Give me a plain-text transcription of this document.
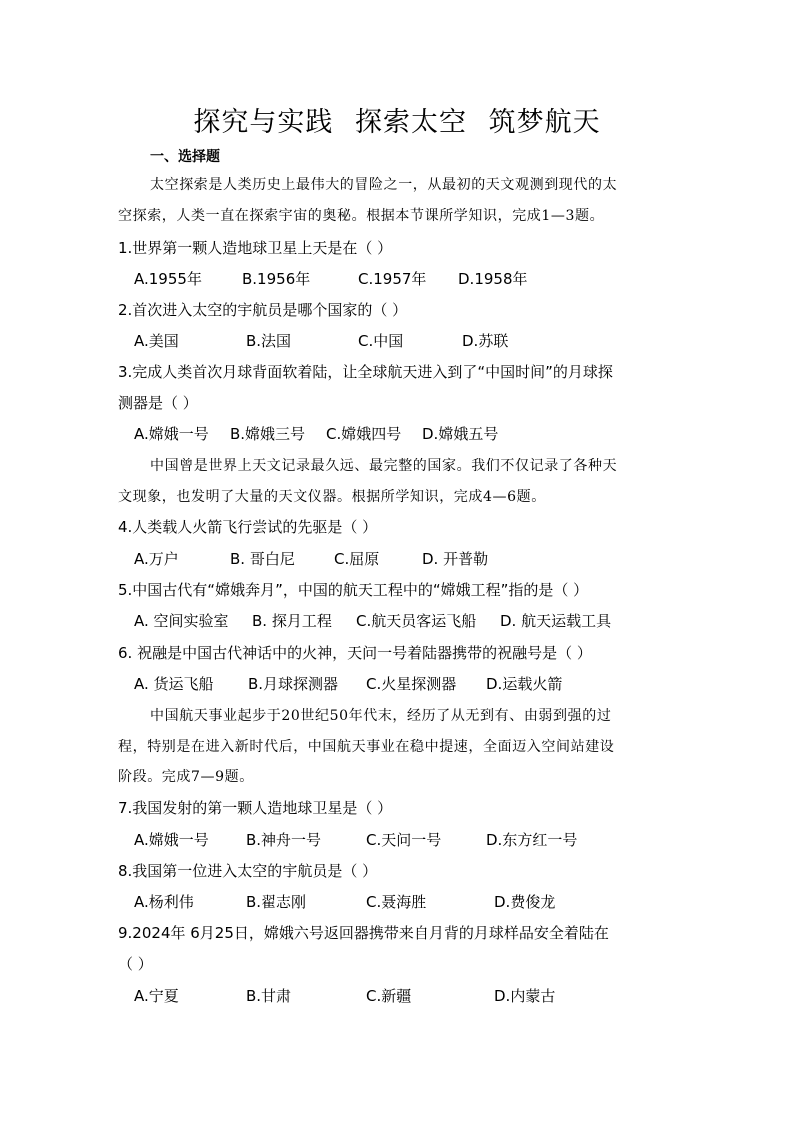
探究与实践 探索太空 筑梦航天
一、选择题
太空探索是人类历史上最伟大的冒险之一，从最初的天文观测到现代的太
空探索，人类一直在探索宇宙的奥秘。根据本节课所学知识，完成1—3题。
1.世界第一颗人造地球卫星上天是在（ ）
A.1955年	B.1956年	C.1957年 D.1958年
2.首次进入太空的宇航员是哪个国家的（ ）
A.美国	B.法国	C.中国	D.苏联
3.完成人类首次月球背面软着陆，让全球航天进入到了“中国时间”的月球探
测器是（ ）
A.嫦娥一号 B.嫦娥三号 C.嫦娥四号 D.嫦娥五号
中国曾是世界上天文记录最久远、最完整的国家。我们不仅记录了各种天
文现象，也发明了大量的天文仪器。根据所学知识，完成4—6题。
4.人类载人火箭飞行尝试的先驱是（ ）
A.万户	B. 哥白尼	C.屈原	D. 开普勒
5.中国古代有“嫦娥奔月”，中国的航天工程中的“嫦娥工程”指的是（ ）
A. 空间实验室 B. 探月工程 C.航天员客运飞船 D. 航天运载工具
6. 祝融是中国古代神话中的火神，天问一号着陆器携带的祝融号是（ ）
A. 货运飞船 B.月球探测器 C.火星探测器 D.运载火箭
中国航天事业起步于20世纪50年代末，经历了从无到有、由弱到强的过
程，特别是在进入新时代后，中国航天事业在稳中提速，全面迈入空间站建设
阶段。完成7—9题。
7.我国发射的第一颗人造地球卫星是（ ）
A.嫦娥一号 B.神舟一号	C.天问一号	D.东方红一号
8.我国第一位进入太空的宇航员是（ ）
A.杨利伟	B.翟志刚	C.聂海胜	D.费俊龙
9.2024年 6月25日，嫦娥六号返回器携带来自月背的月球样品安全着陆在
（ ）
A.宁夏	B.甘肃	C.新疆	D.内蒙古
